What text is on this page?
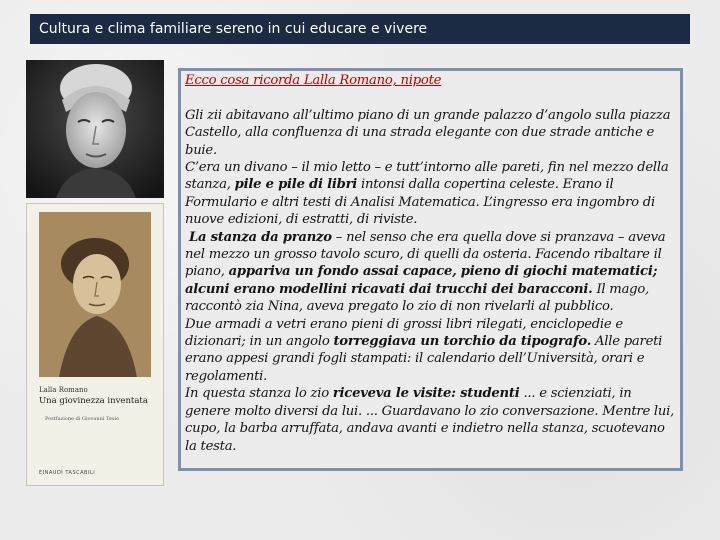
Cultura e clima familiare sereno in cui educare e vivere
Lalla Romano
Una giovinezza inventata
Postfazione di Giovanni Tesio
EINAUDI TASCABILI

Ecco cosa ricorda Lalla Romano, nipote

Gli zii abitavano all’ultimo piano di un grande palazzo d’angolo sulla piazza Castello, alla confluenza di una strada elegante con due strade antiche e buie.

C’era un divano – il mio letto – e tutt’intorno alle pareti, fin nel mezzo della stanza, pile e pile di libri intonsi dalla copertina celeste. Erano il Formulario e altri testi di Analisi Matematica. L’ingresso era ingombro di nuove edizioni, di estratti, di riviste.

La stanza da pranzo – nel senso che era quella dove si pranzava – aveva nel mezzo un grosso tavolo scuro, di quelli da osteria. Facendo ribaltare il piano, appariva un fondo assai capace, pieno di giochi matematici; alcuni erano modellini ricavati dai trucchi dei baracconi. Il mago, raccontò zia Nina, aveva pregato lo zio di non rivelarli al pubblico.

Due armadi a vetri erano pieni di grossi libri rilegati, enciclopedie e dizionari; in un angolo torreggiava un torchio da tipografo. Alle pareti erano appesi grandi fogli stampati: il calendario dell’Università, orari e regolamenti.

In questa stanza lo zio riceveva le visite: studenti ... e scienziati, in genere molto diversi da lui. ... Guardavano lo zio conversazione. Mentre lui, cupo, la barba arruffata, andava avanti e indietro nella stanza, scuotevano la testa.
